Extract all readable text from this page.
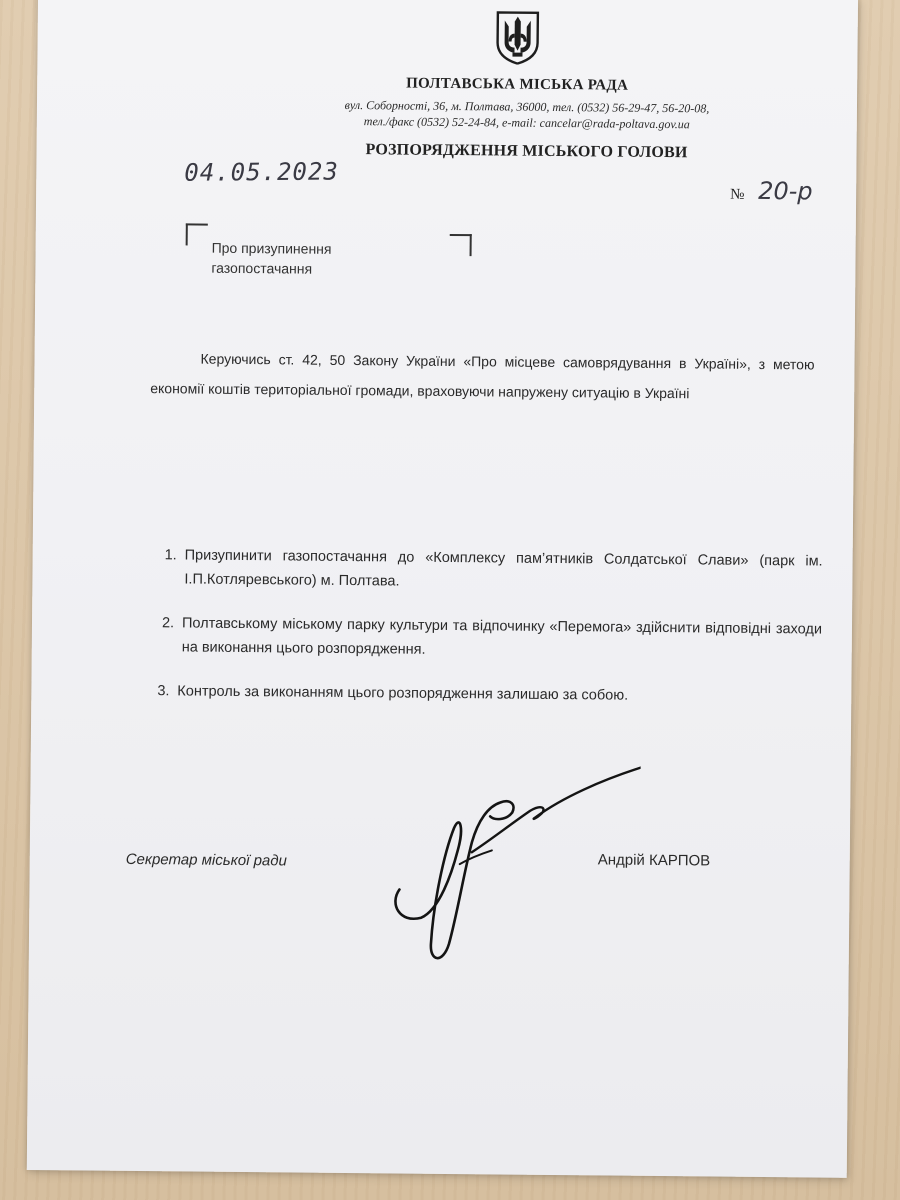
ПОЛТАВСЬКА МІСЬКА РАДА
вул. Соборності, 36, м. Полтава, 36000, тел. (0532) 56-29-47, 56-20-08,
тел./факс (0532) 52-24-84, e-mail: cancelar@rada-poltava.gov.ua
РОЗПОРЯДЖЕННЯ МІСЬКОГО ГОЛОВИ
04.05.2023
№ 20-р
Про призупинення
газопостачання
Керуючись ст. 42, 50 Закону України «Про місцеве самоврядування в Україні», з метою економії коштів територіальної громади, враховуючи напружену ситуацію в Україні
1. Призупинити газопостачання до «Комплексу пам’ятників Солдатської Слави» (парк ім. І.П.Котляревського) м. Полтава.
2. Полтавському міському парку культури та відпочинку «Перемога» здійснити відповідні заходи на виконання цього розпорядження.
3. Контроль за виконанням цього розпорядження залишаю за собою.
Секретар міської ради	Андрій КАРПОВ
